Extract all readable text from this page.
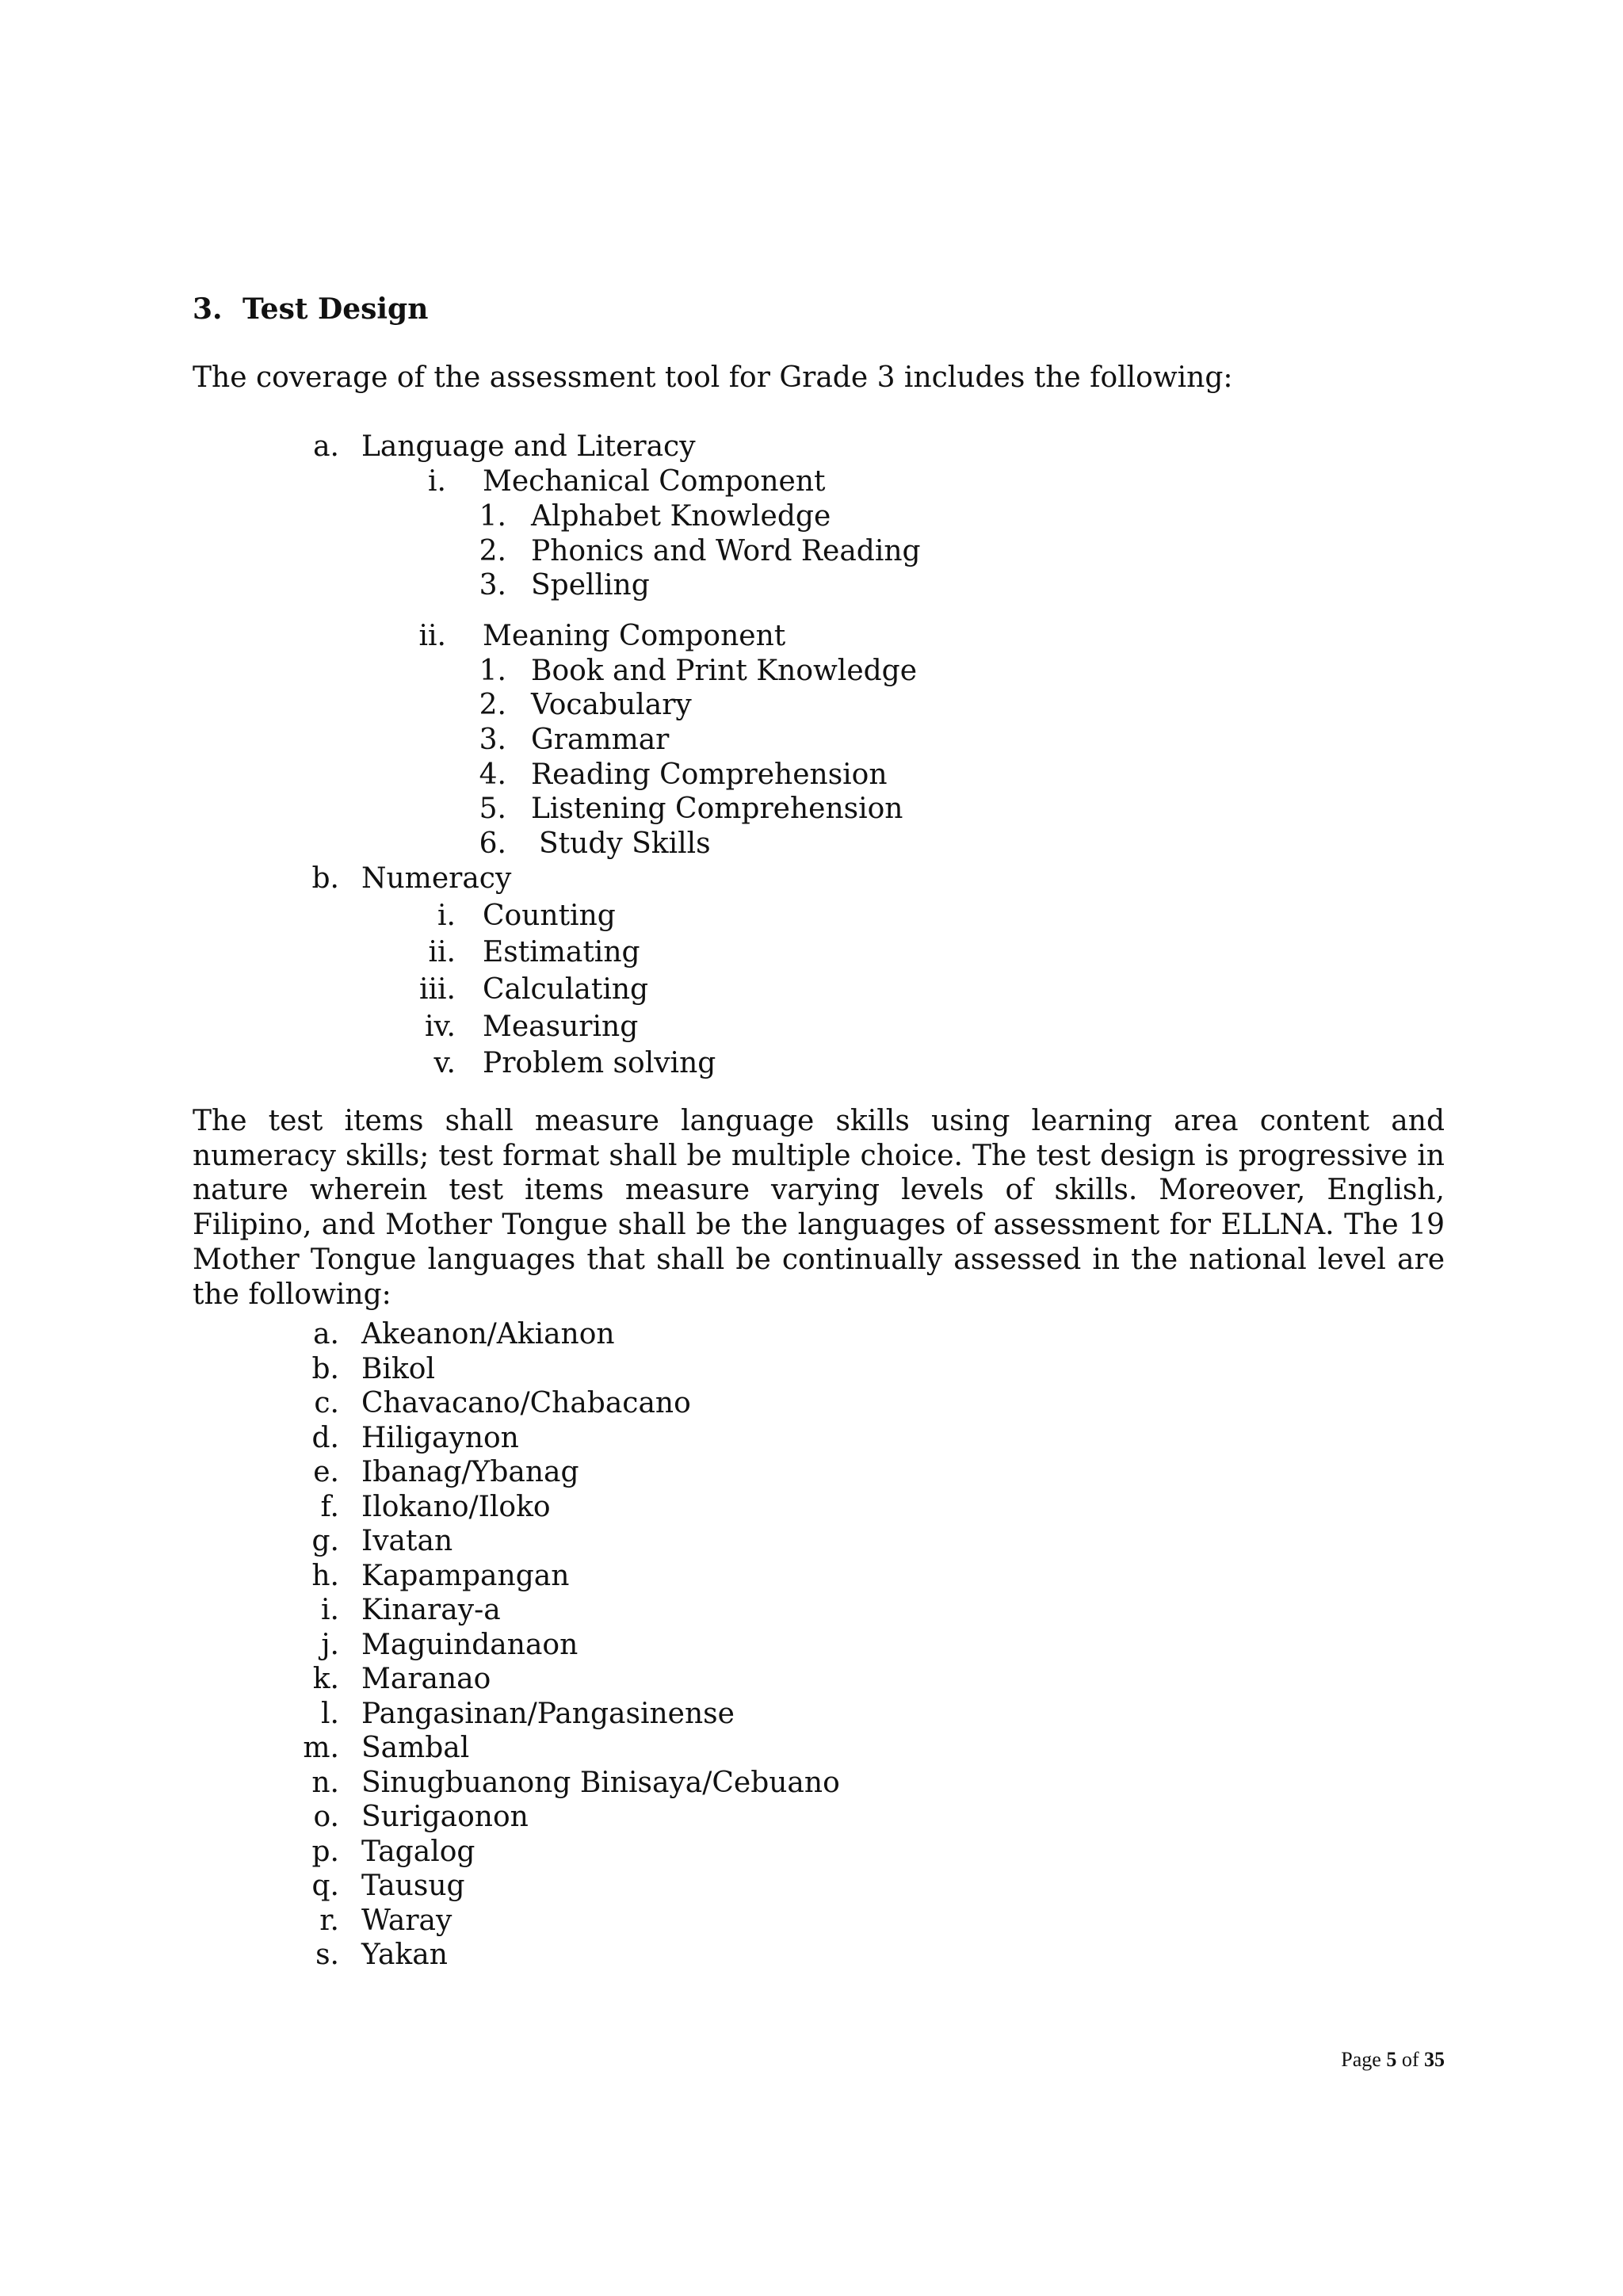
3. Test Design
The coverage of the assessment tool for Grade 3 includes the following:
a. Language and Literacy
i. Mechanical Component
1. Alphabet Knowledge
2. Phonics and Word Reading
3. Spelling
ii. Meaning Component
1. Book and Print Knowledge
2. Vocabulary
3. Grammar
4. Reading Comprehension
5. Listening Comprehension
6. Study Skills
b. Numeracy
i. Counting
ii. Estimating
iii. Calculating
iv. Measuring
v. Problem solving
The test items shall measure language skills using learning area content and numeracy skills; test format shall be multiple choice. The test design is progressive in nature wherein test items measure varying levels of skills. Moreover, English, Filipino, and Mother Tongue shall be the languages of assessment for ELLNA. The 19 Mother Tongue languages that shall be continually assessed in the national level are the following:
a. Akeanon/Akianon
b. Bikol
c. Chavacano/Chabacano
d. Hiligaynon
e. Ibanag/Ybanag
f. Ilokano/Iloko
g. Ivatan
h. Kapampangan
i. Kinaray-a
j. Maguindanaon
k. Maranao
l. Pangasinan/Pangasinense
m. Sambal
n. Sinugbuanong Binisaya/Cebuano
o. Surigaonon
p. Tagalog
q. Tausug
r. Waray
s. Yakan
Page 5 of 35
